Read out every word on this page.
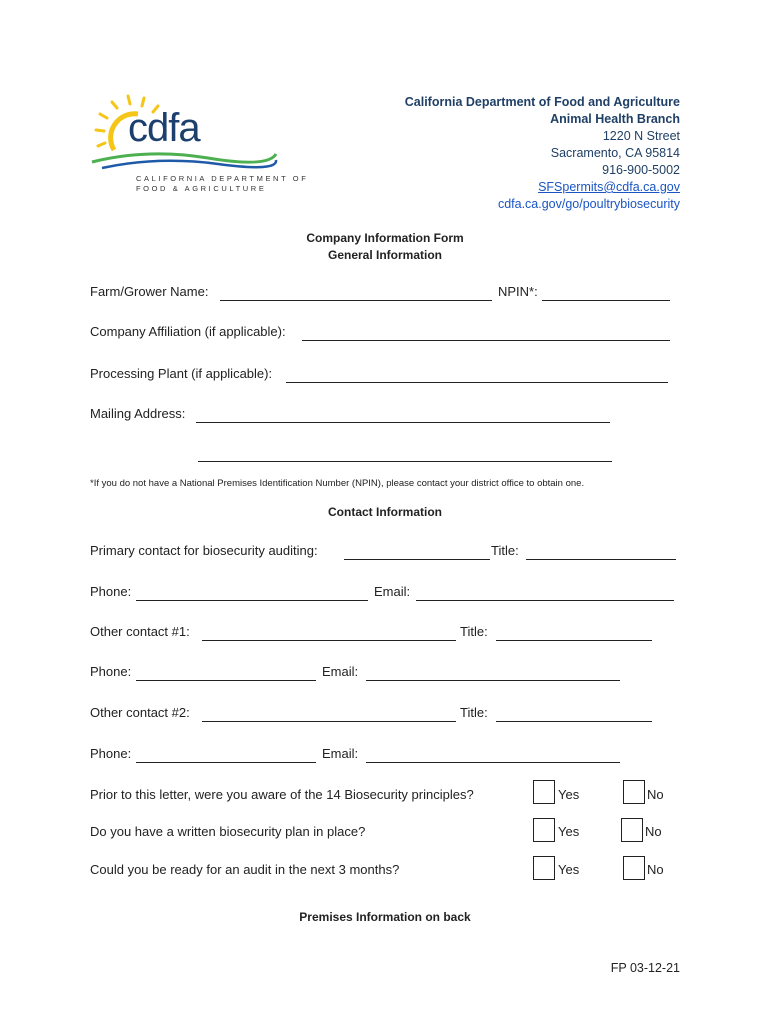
cdfa
CALIFORNIA DEPARTMENT OF
FOOD & AGRICULTURE
California Department of Food and Agriculture
Animal Health Branch
1220 N Street
Sacramento, CA 95814
916-900-5002
SFSpermits@cdfa.ca.gov
cdfa.ca.gov/go/poultrybiosecurity
Company Information Form
General Information
Farm/Grower Name:	NPIN*:
Company Affiliation (if applicable):
Processing Plant (if applicable):
Mailing Address:
*If you do not have a National Premises Identification Number (NPIN), please contact your district office to obtain one.
Contact Information
Primary contact for biosecurity auditing:	Title:
Phone:	Email:
Other contact #1:	Title:
Phone:	Email:
Other contact #2:	Title:
Phone:	Email:
Prior to this letter, were you aware of the 14 Biosecurity principles?	Yes	No
Do you have a written biosecurity plan in place?	Yes	No
Could you be ready for an audit in the next 3 months?	Yes	No
Premises Information on back
FP 03-12-21
